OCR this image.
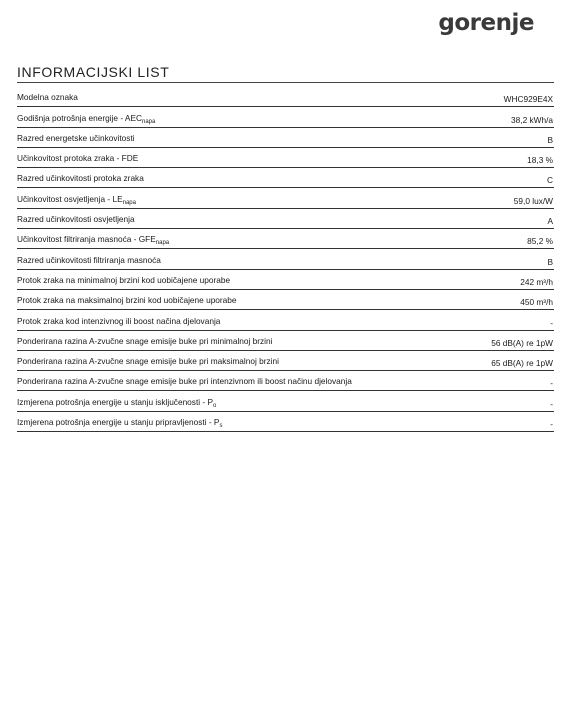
gorenje
INFORMACIJSKI LIST
Modelna oznaka	WHC929E4X
Godišnja potrošnja energije - $AEC_{napa}$	38,2 kWh/a
Razred energetske učinkovitosti	B
Učinkovitost protoka zraka - FDE	18,3 %
Razred učinkovitosti protoka zraka	C
Učinkovitost osvjetljenja - $LE_{napa}$	59,0 lux/W
Razred učinkovitosti osvjetljenja	A
Učinkovitost filtriranja masnoća - $GFE_{napa}$	85,2 %
Razred učinkovitosti filtriranja masnoća	B
Protok zraka na minimalnoj brzini kod uobičajene uporabe	242 m³/h
Protok zraka na maksimalnoj brzini kod uobičajene uporabe	450 m³/h
Protok zraka kod intenzivnog ili boost načina djelovanja	-
Ponderirana razina A-zvučne snage emisije buke pri minimalnoj brzini	56 dB(A) re 1pW
Ponderirana razina A-zvučne snage emisije buke pri maksimalnoj brzini	65 dB(A) re 1pW
Ponderirana razina A-zvučne snage emisije buke pri intenzivnom ili boost načinu djelovanja	-
Izmjerena potrošnja energije u stanju isključenosti - $P_o$	-
Izmjerena potrošnja energije u stanju pripravljenosti - $P_s$	-
